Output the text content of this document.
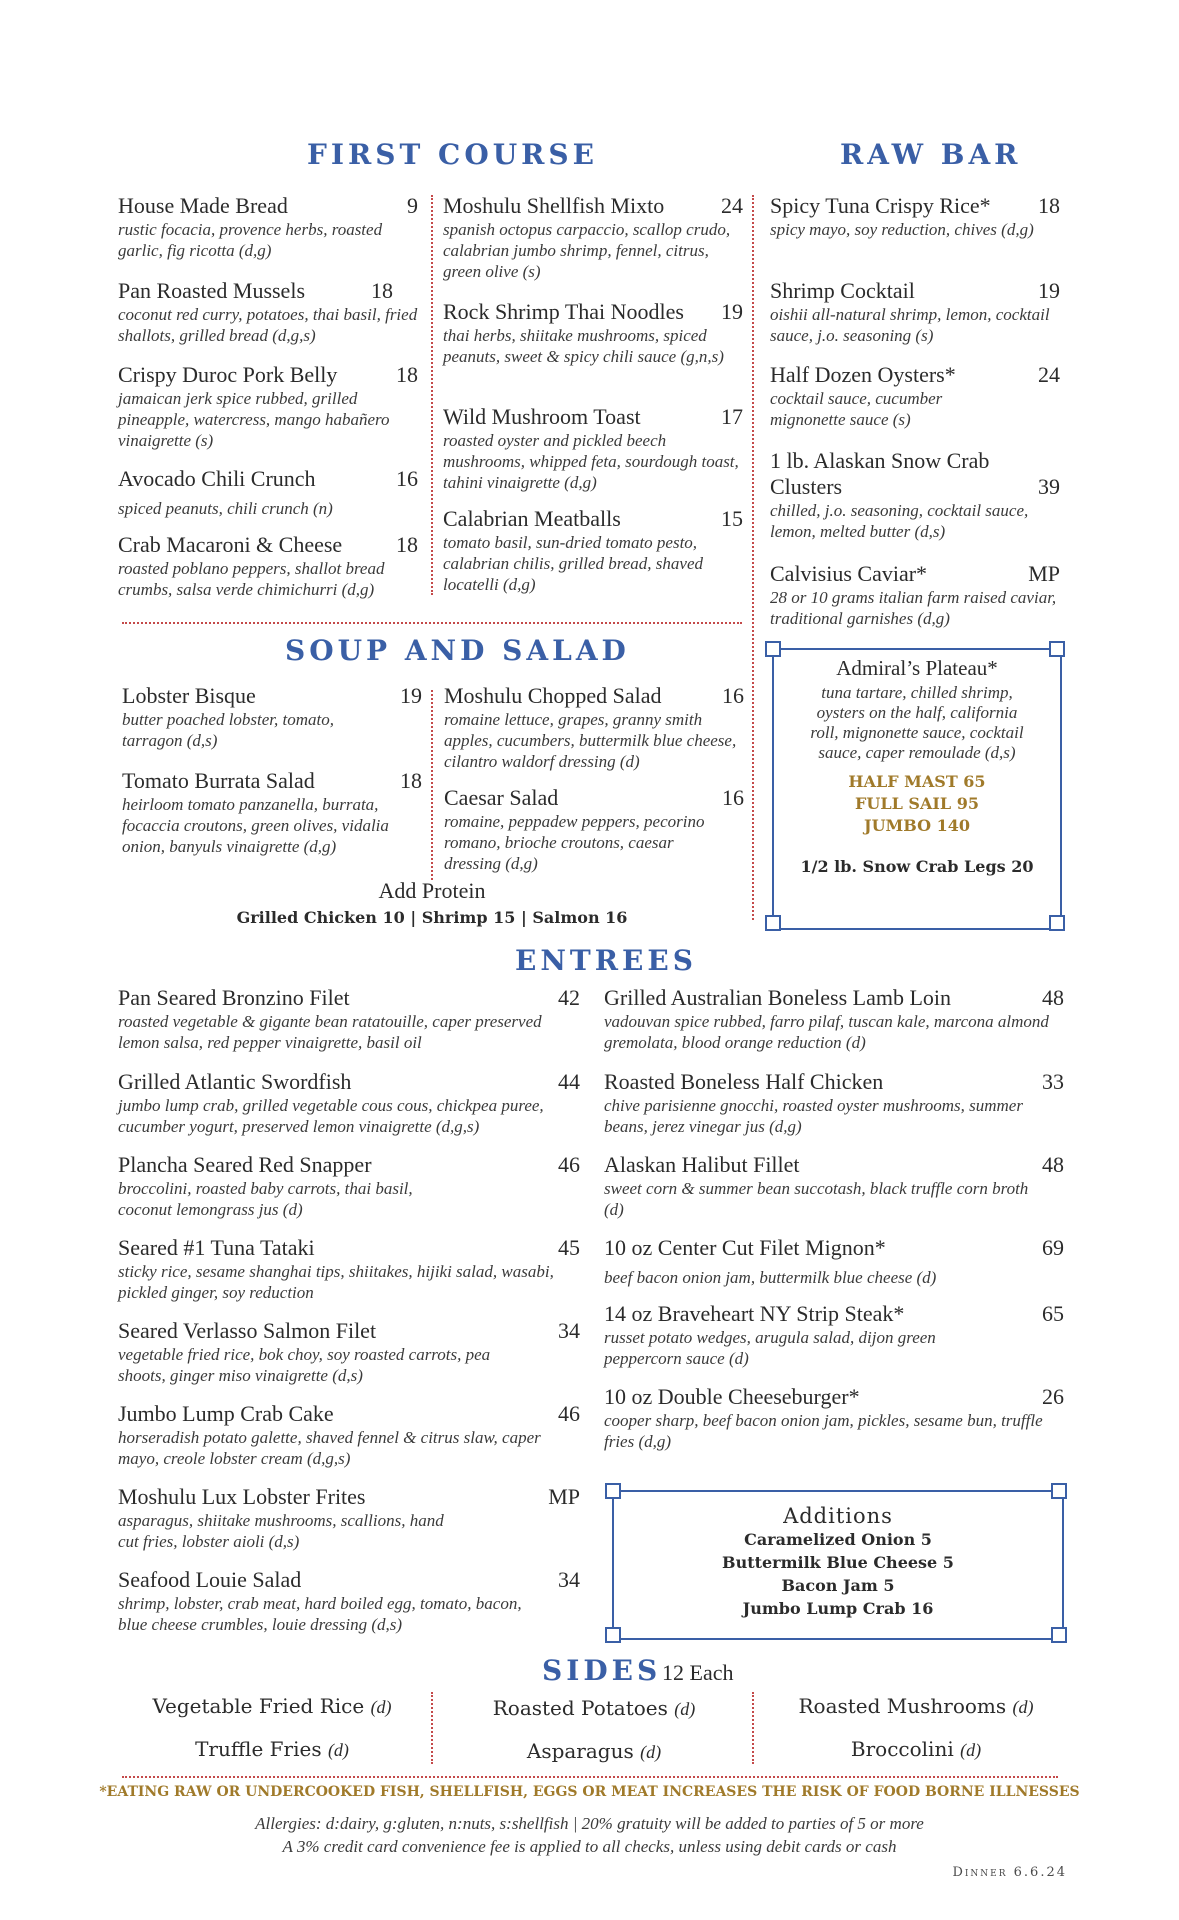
FIRST COURSE
House Made Bread	9
rustic focacia, provence herbs, roasted garlic, fig ricotta (d,g)
Pan Roasted Mussels	18
coconut red curry, potatoes, thai basil, fried shallots, grilled bread (d,g,s)
Crispy Duroc Pork Belly	18
jamaican jerk spice rubbed, grilled pineapple, watercress, mango habañero vinaigrette (s)
Avocado Chili Crunch	16
spiced peanuts, chili crunch (n)
Crab Macaroni & Cheese	18
roasted poblano peppers, shallot bread crumbs, salsa verde chimichurri (d,g)
Moshulu Shellfish Mixto	24
spanish octopus carpaccio, scallop crudo, calabrian jumbo shrimp, fennel, citrus, green olive (s)
Rock Shrimp Thai Noodles	19
thai herbs, shiitake mushrooms, spiced peanuts, sweet & spicy chili sauce (g,n,s)
Wild Mushroom Toast	17
roasted oyster and pickled beech mushrooms, whipped feta, sourdough toast, tahini vinaigrette (d,g)
Calabrian Meatballs	15
tomato basil, sun-dried tomato pesto, calabrian chilis, grilled bread, shaved locatelli (d,g)
RAW BAR
Spicy Tuna Crispy Rice*	18
spicy mayo, soy reduction, chives (d,g)
Shrimp Cocktail	19
oishii all-natural shrimp, lemon, cocktail sauce, j.o. seasoning (s)
Half Dozen Oysters*	24
cocktail sauce, cucumber mignonette sauce (s)
1 lb. Alaskan Snow Crab Clusters	39
chilled, j.o. seasoning, cocktail sauce, lemon, melted butter (d,s)
Calvisius Caviar*	MP
28 or 10 grams italian farm raised caviar, traditional garnishes (d,g)
Admiral’s Plateau*
tuna tartare, chilled shrimp, oysters on the half, california roll, mignonette sauce, cocktail sauce, caper remoulade (d,s)
HALF MAST 65
FULL SAIL 95
JUMBO 140
1/2 lb. Snow Crab Legs 20
SOUP AND SALAD
Lobster Bisque	19
butter poached lobster, tomato, tarragon (d,s)
Tomato Burrata Salad	18
heirloom tomato panzanella, burrata, focaccia croutons, green olives, vidalia onion, banyuls vinaigrette (d,g)
Moshulu Chopped Salad	16
romaine lettuce, grapes, granny smith apples, cucumbers, buttermilk blue cheese, cilantro waldorf dressing (d)
Caesar Salad	16
romaine, peppadew peppers, pecorino romano, brioche croutons, caesar dressing (d,g)
Add Protein
Grilled Chicken 10 | Shrimp 15 | Salmon 16
ENTREES
Pan Seared Bronzino Filet	42
roasted vegetable & gigante bean ratatouille, caper preserved lemon salsa, red pepper vinaigrette, basil oil
Grilled Atlantic Swordfish	44
jumbo lump crab, grilled vegetable cous cous, chickpea puree, cucumber yogurt, preserved lemon vinaigrette (d,g,s)
Plancha Seared Red Snapper	46
broccolini, roasted baby carrots, thai basil, coconut lemongrass jus (d)
Seared #1 Tuna Tataki	45
sticky rice, sesame shanghai tips, shiitakes, hijiki salad, wasabi, pickled ginger, soy reduction
Seared Verlasso Salmon Filet	34
vegetable fried rice, bok choy, soy roasted carrots, pea shoots, ginger miso vinaigrette (d,s)
Jumbo Lump Crab Cake	46
horseradish potato galette, shaved fennel & citrus slaw, caper mayo, creole lobster cream (d,g,s)
Moshulu Lux Lobster Frites	MP
asparagus, shiitake mushrooms, scallions, hand cut fries, lobster aioli (d,s)
Seafood Louie Salad	34
shrimp, lobster, crab meat, hard boiled egg, tomato, bacon, blue cheese crumbles, louie dressing (d,s)
Grilled Australian Boneless Lamb Loin	48
vadouvan spice rubbed, farro pilaf, tuscan kale, marcona almond gremolata, blood orange reduction (d)
Roasted Boneless Half Chicken	33
chive parisienne gnocchi, roasted oyster mushrooms, summer beans, jerez vinegar jus (d,g)
Alaskan Halibut Fillet	48
sweet corn & summer bean succotash, black truffle corn broth (d)
10 oz Center Cut Filet Mignon*	69
beef bacon onion jam, buttermilk blue cheese (d)
14 oz Braveheart NY Strip Steak*	65
russet potato wedges, arugula salad, dijon green peppercorn sauce (d)
10 oz Double Cheeseburger*	26
cooper sharp, beef bacon onion jam, pickles, sesame bun, truffle fries (d,g)
Additions
Caramelized Onion 5
Buttermilk Blue Cheese 5
Bacon Jam 5
Jumbo Lump Crab 16
SIDES 12 Each
Vegetable Fried Rice (d)	Roasted Potatoes (d)	Roasted Mushrooms (d)
Truffle Fries (d)	Asparagus (d)	Broccolini (d)
*EATING RAW OR UNDERCOOKED FISH, SHELLFISH, EGGS OR MEAT INCREASES THE RISK OF FOOD BORNE ILLNESSES
Allergies: d:dairy, g:gluten, n:nuts, s:shellfish | 20% gratuity will be added to parties of 5 or more
A 3% credit card convenience fee is applied to all checks, unless using debit cards or cash
Dinner 6.6.24
